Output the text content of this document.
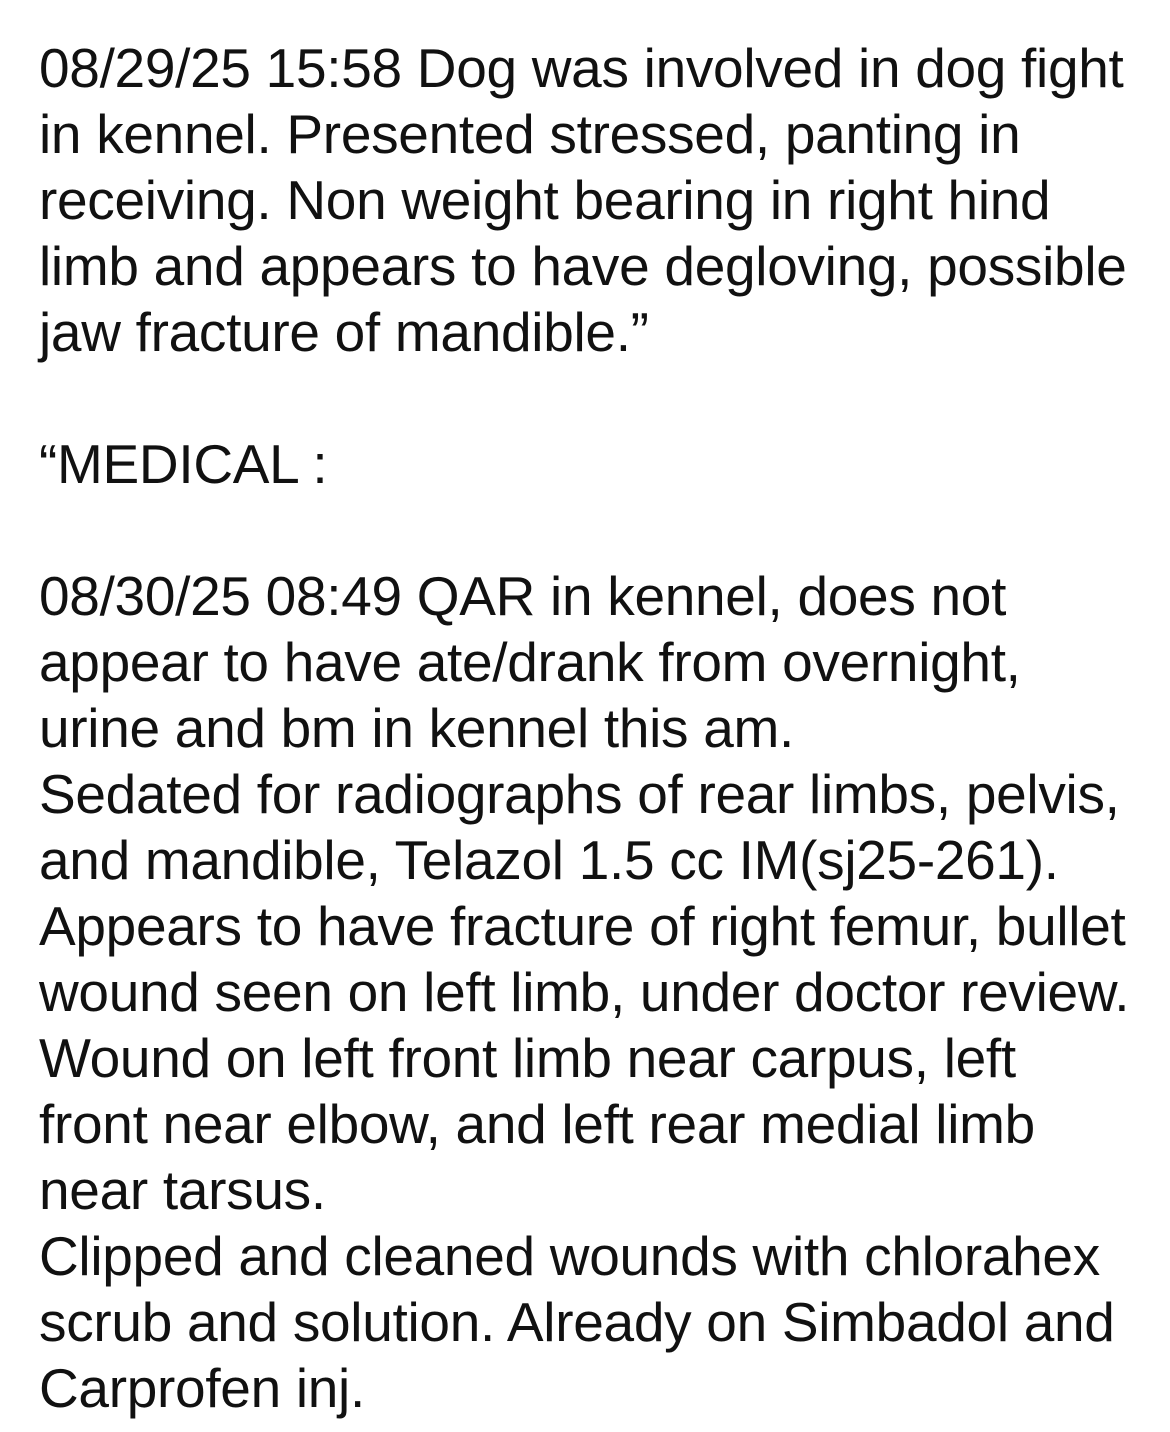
08/29/25 15:58 Dog was involved in dog fight
in kennel. Presented stressed, panting in
receiving. Non weight bearing in right hind
limb and appears to have degloving, possible
jaw fracture of mandible.”

“MEDICAL :

08/30/25 08:49 QAR in kennel, does not
appear to have ate/drank from overnight,
urine and bm in kennel this am.
Sedated for radiographs of rear limbs, pelvis,
and mandible, Telazol 1.5 cc IM(sj25-261).
Appears to have fracture of right femur, bullet
wound seen on left limb, under doctor review.
Wound on left front limb near carpus, left
front near elbow, and left rear medial limb
near tarsus.
Clipped and cleaned wounds with chlorahex
scrub and solution. Already on Simbadol and
Carprofen inj.
